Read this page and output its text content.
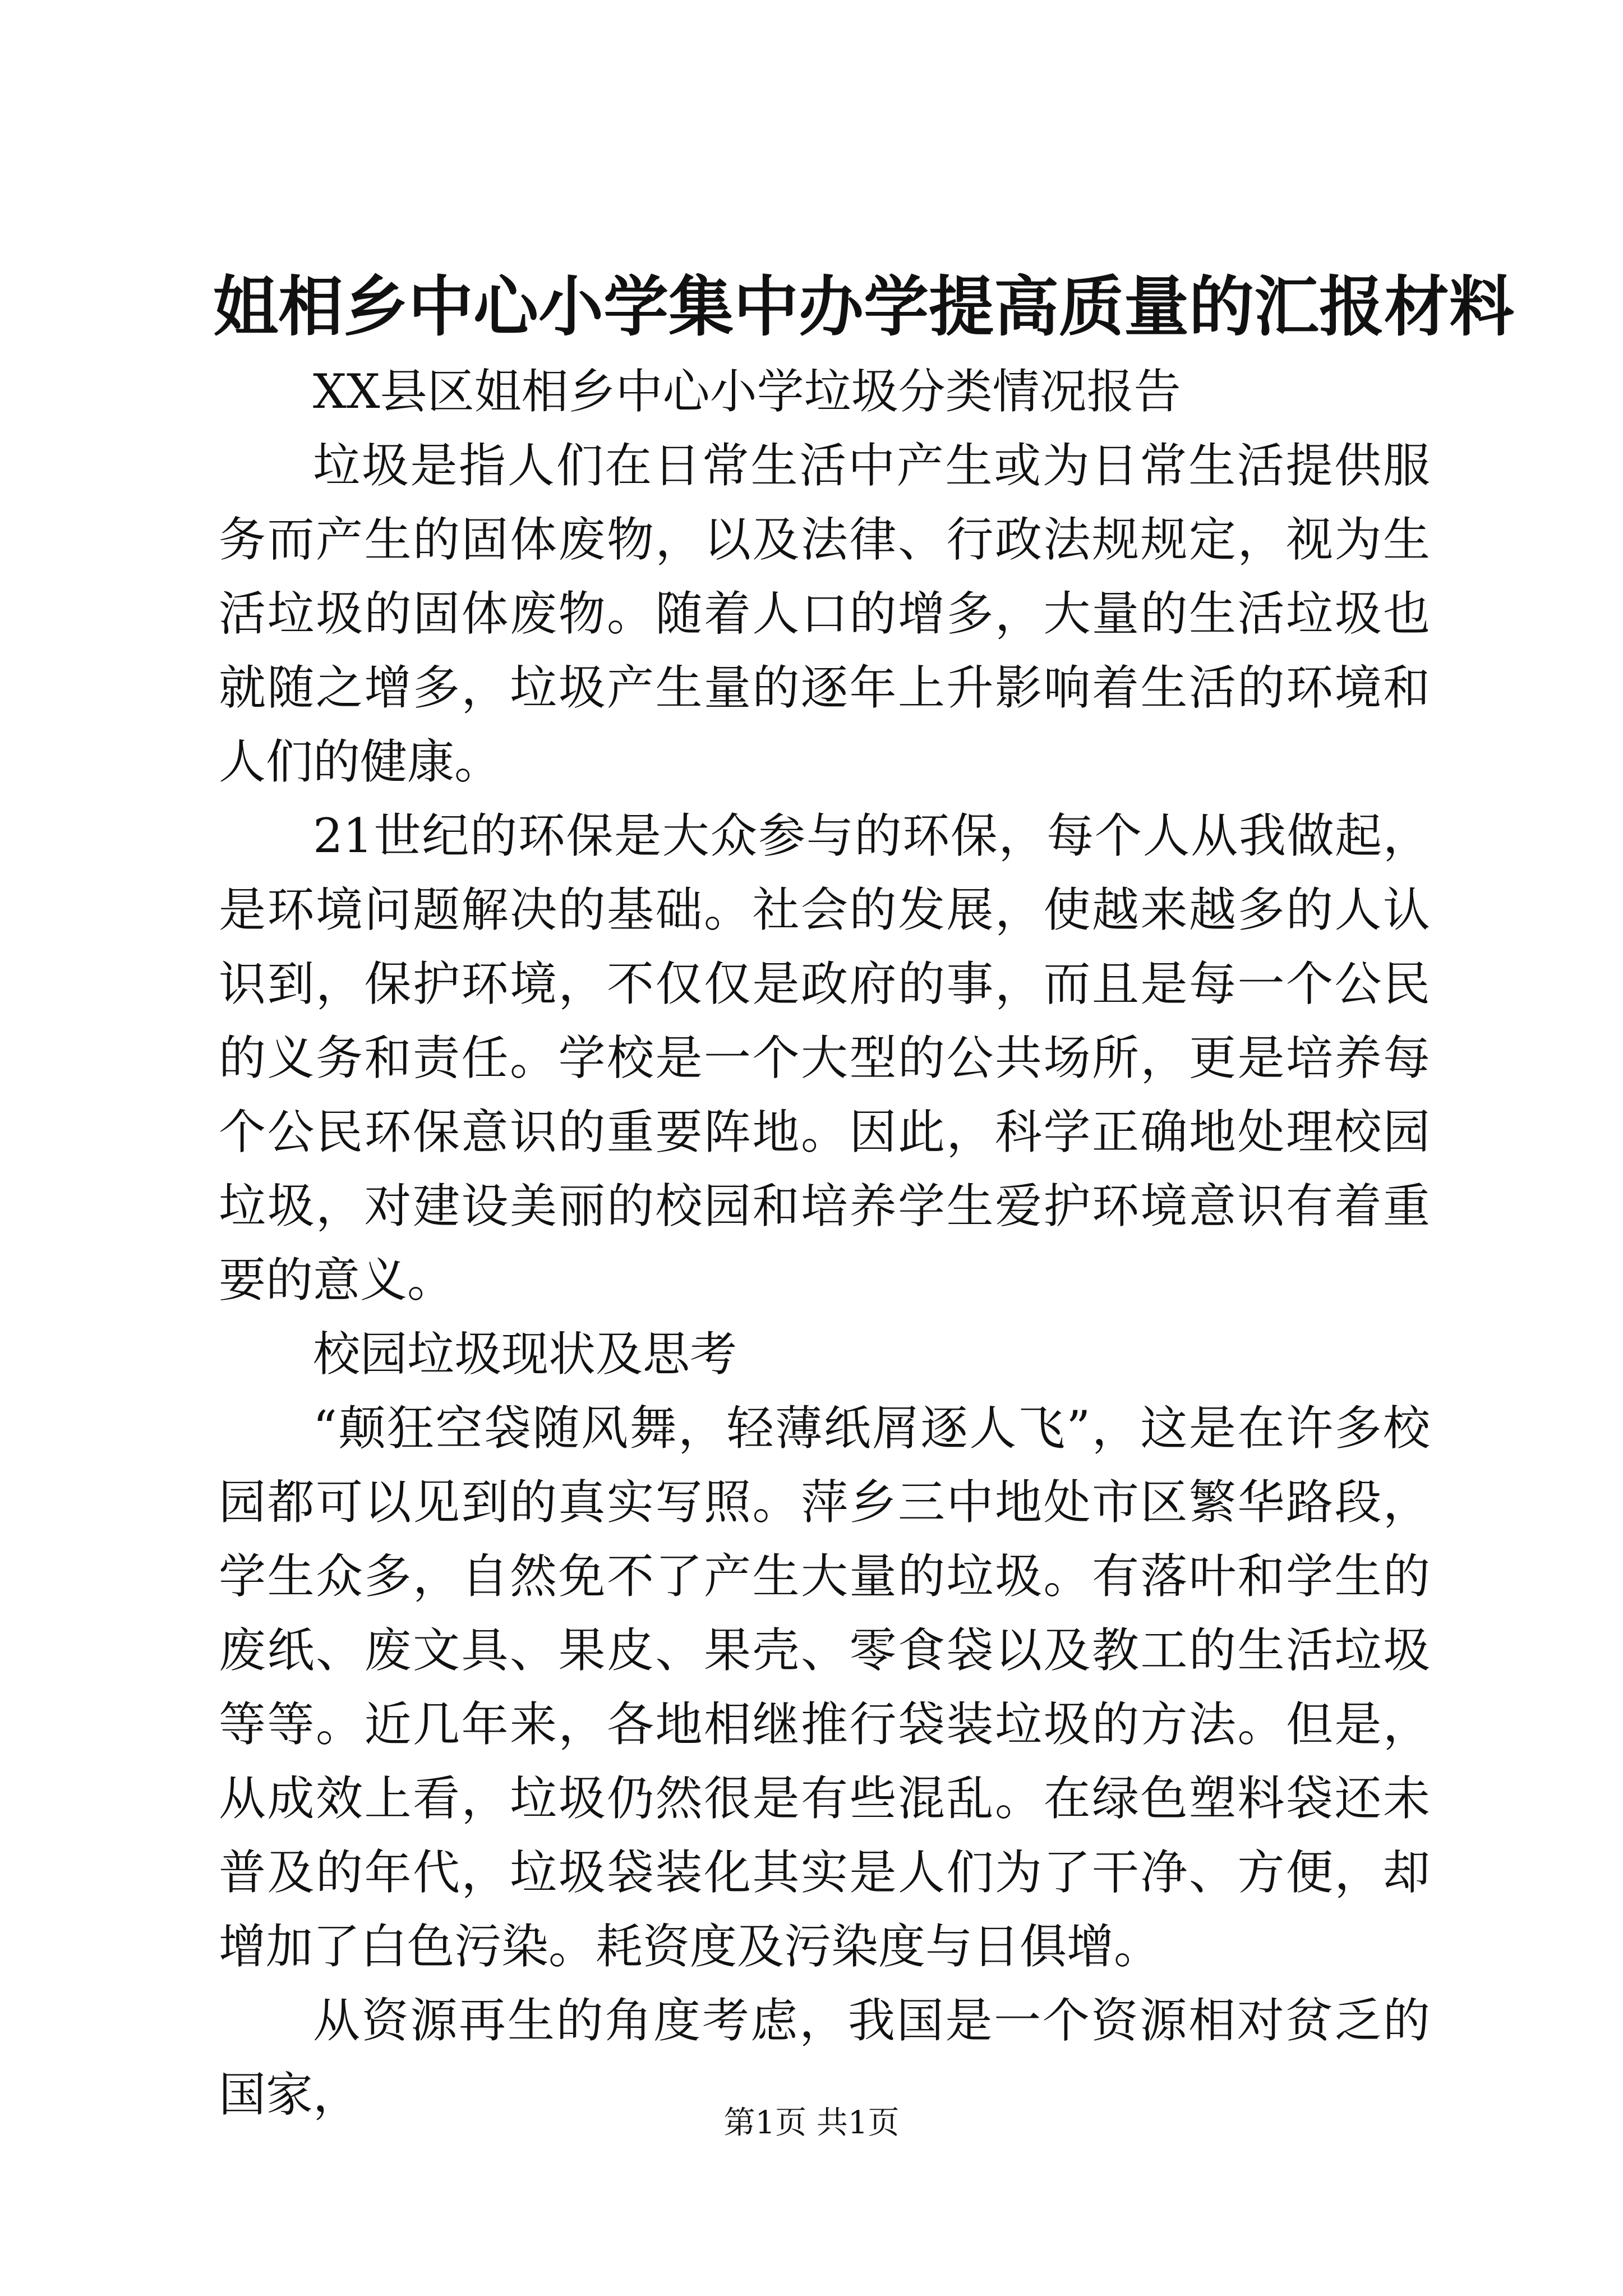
姐相乡中心小学集中办学提高质量的汇报材料

XX县区姐相乡中心小学垃圾分类情况报告

垃圾是指人们在日常生活中产生或为日常生活提供服务而产生的固体废物，以及法律、行政法规规定，视为生活垃圾的固体废物。随着人口的增多，大量的生活垃圾也就随之增多，垃圾产生量的逐年上升影响着生活的环境和人们的健康。

21世纪的环保是大众参与的环保，每个人从我做起，是环境问题解决的基础。社会的发展，使越来越多的人认识到，保护环境，不仅仅是政府的事，而且是每一个公民的义务和责任。学校是一个大型的公共场所，更是培养每个公民环保意识的重要阵地。因此，科学正确地处理校园垃圾，对建设美丽的校园和培养学生爱护环境意识有着重要的意义。

校园垃圾现状及思考

“颠狂空袋随风舞，轻薄纸屑逐人飞”，这是在许多校园都可以见到的真实写照。萍乡三中地处市区繁华路段，学生众多，自然免不了产生大量的垃圾。有落叶和学生的废纸、废文具、果皮、果壳、零食袋以及教工的生活垃圾等等。近几年来，各地相继推行袋装垃圾的方法。但是，从成效上看，垃圾仍然很是有些混乱。在绿色塑料袋还未普及的年代，垃圾袋装化其实是人们为了干净、方便，却增加了白色污染。耗资度及污染度与日俱增。

从资源再生的角度考虑，我国是一个资源相对贫乏的国家，

第1页 共1页
